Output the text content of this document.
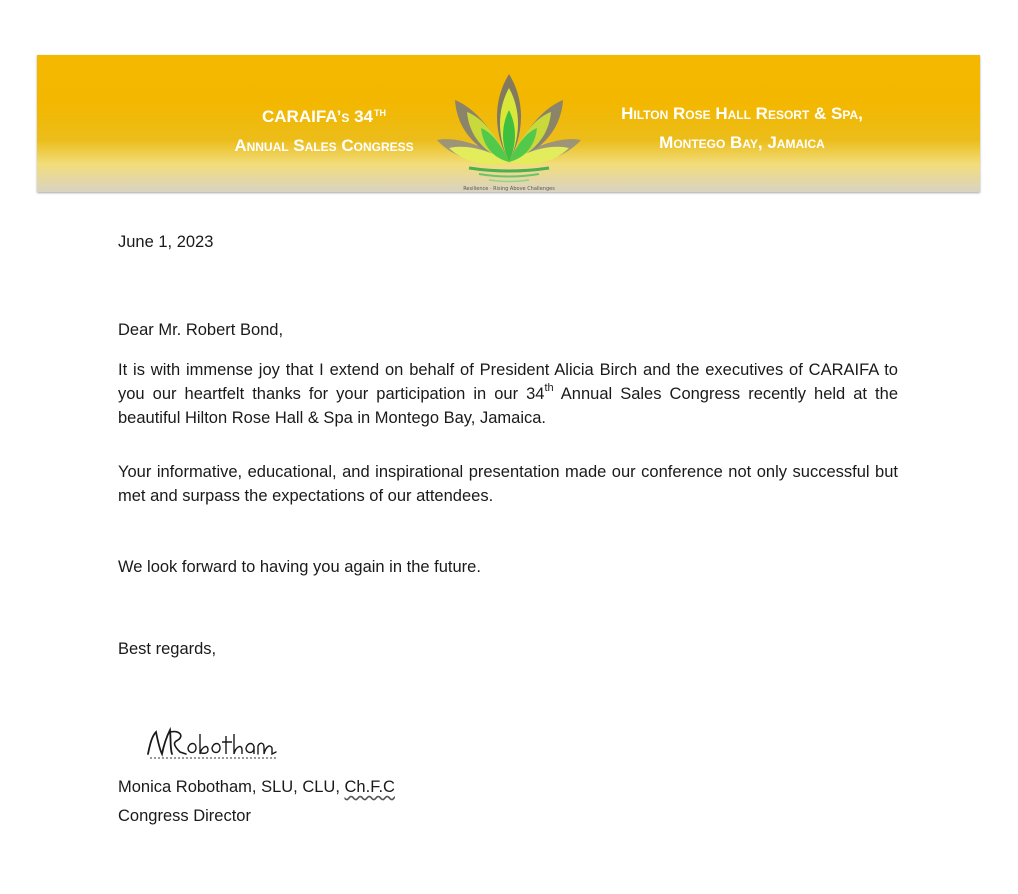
CARAIFA’s 34TH
Annual Sales Congress
Resilience · Rising Above Challenges
Hilton Rose Hall Resort & Spa,
Montego Bay, Jamaica
June 1, 2023
Dear Mr. Robert Bond,
It is with immense joy that I extend on behalf of President Alicia Birch and the executives of CARAIFA to you our heartfelt thanks for your participation in our 34th Annual Sales Congress recently held at the beautiful Hilton Rose Hall & Spa in Montego Bay, Jamaica.
Your informative, educational, and inspirational presentation made our conference not only successful but met and surpass the expectations of our attendees.
We look forward to having you again in the future.
Best regards,
Monica Robotham, SLU, CLU, Ch.F.C
Congress Director
